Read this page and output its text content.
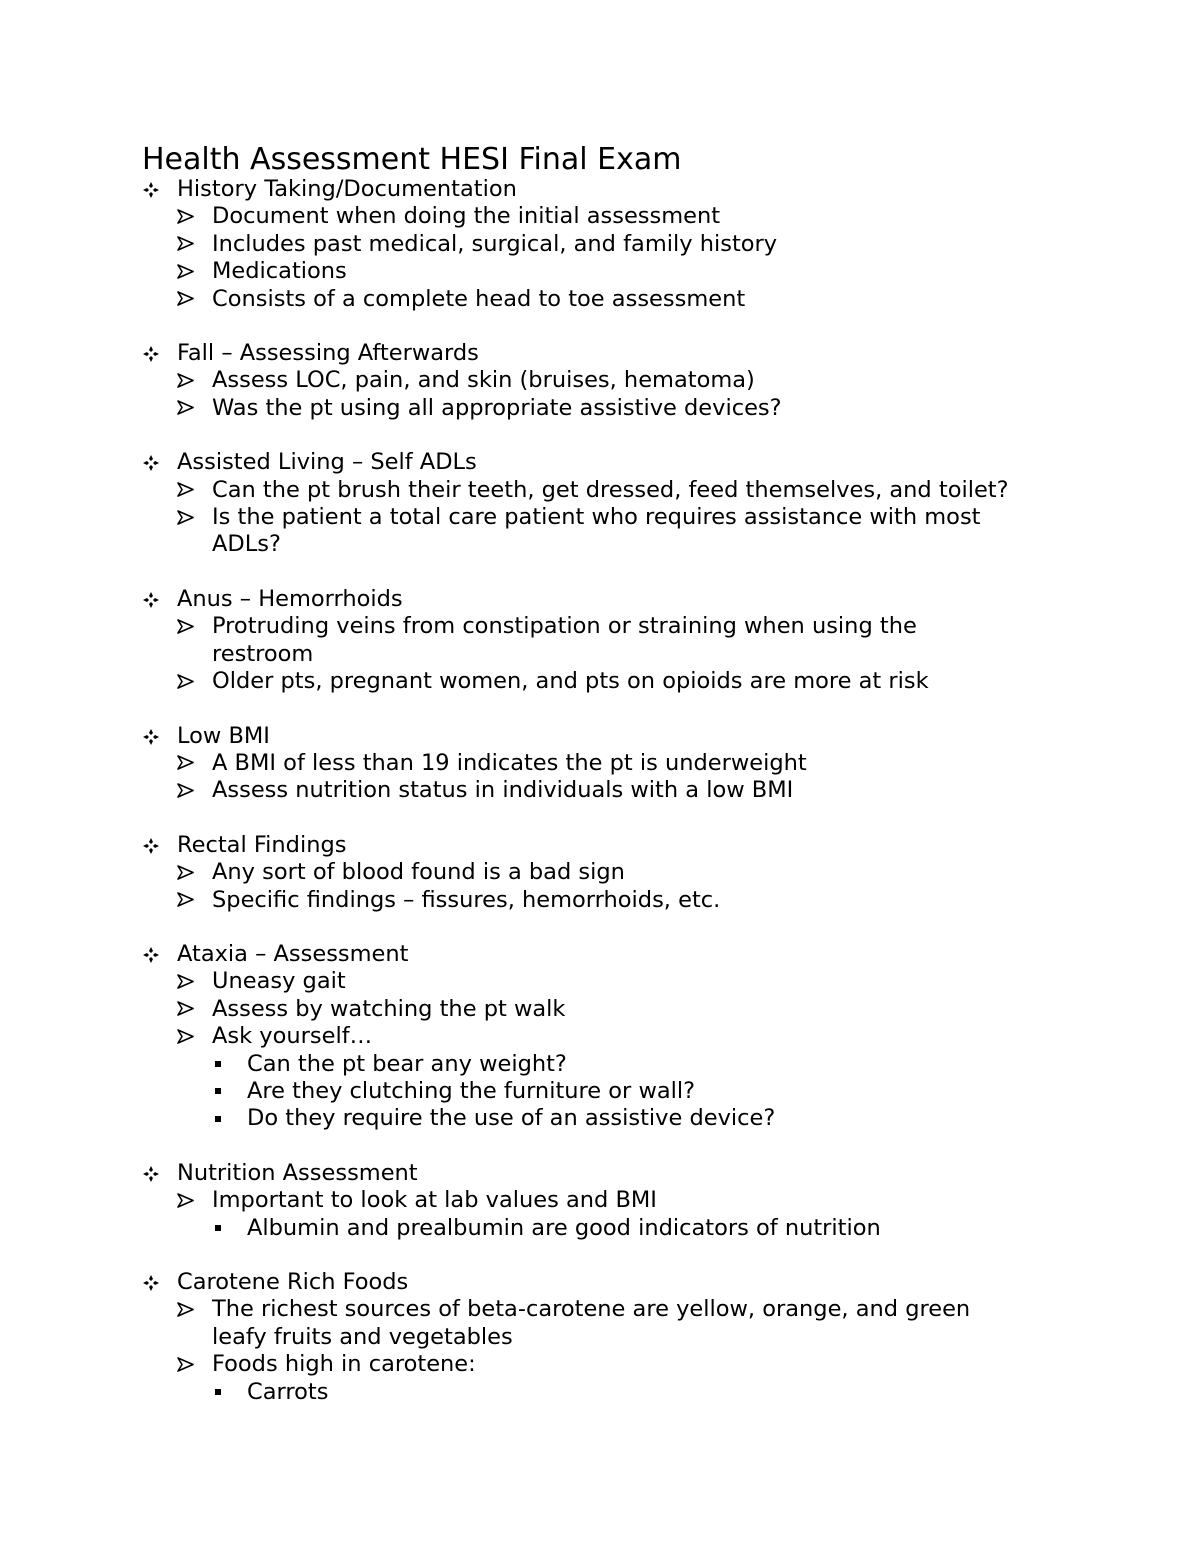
Health Assessment HESI Final Exam
History Taking/Documentation
Document when doing the initial assessment
Includes past medical, surgical, and family history
Medications
Consists of a complete head to toe assessment
Fall – Assessing Afterwards
Assess LOC, pain, and skin (bruises, hematoma)
Was the pt using all appropriate assistive devices?
Assisted Living – Self ADLs
Can the pt brush their teeth, get dressed, feed themselves, and toilet?
Is the patient a total care patient who requires assistance with most ADLs?
Anus – Hemorrhoids
Protruding veins from constipation or straining when using the restroom
Older pts, pregnant women, and pts on opioids are more at risk
Low BMI
A BMI of less than 19 indicates the pt is underweight
Assess nutrition status in individuals with a low BMI
Rectal Findings
Any sort of blood found is a bad sign
Specific findings – fissures, hemorrhoids, etc.
Ataxia – Assessment
Uneasy gait
Assess by watching the pt walk
Ask yourself…
Can the pt bear any weight?
Are they clutching the furniture or wall?
Do they require the use of an assistive device?
Nutrition Assessment
Important to look at lab values and BMI
Albumin and prealbumin are good indicators of nutrition
Carotene Rich Foods
The richest sources of beta-carotene are yellow, orange, and green leafy fruits and vegetables
Foods high in carotene:
Carrots
